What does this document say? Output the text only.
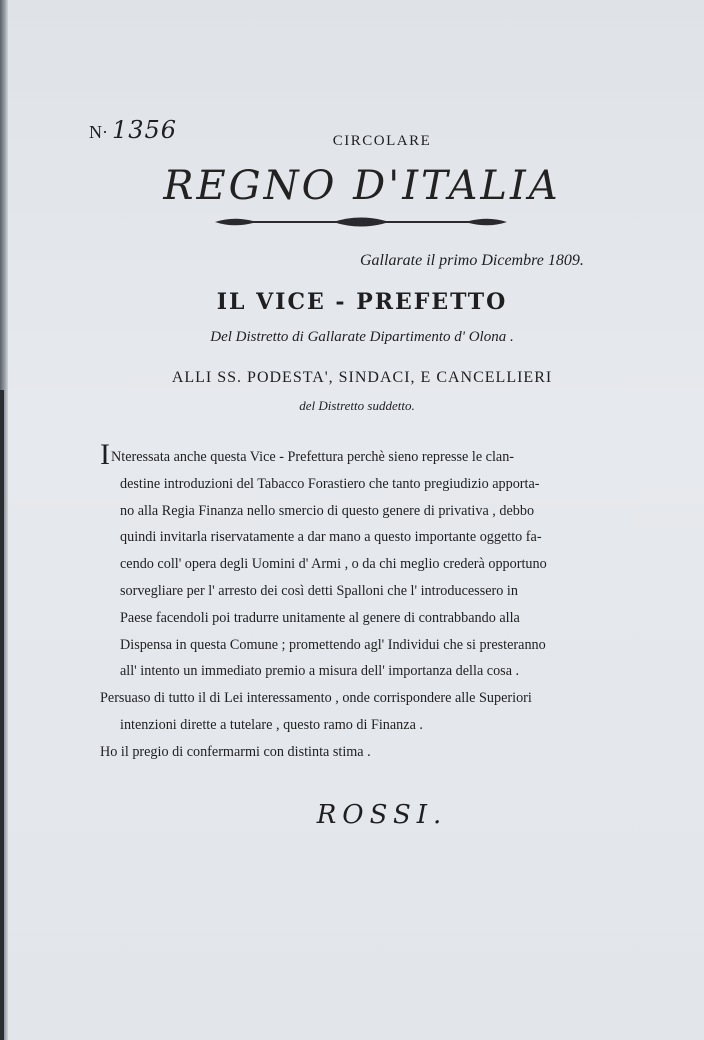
N· 1356	CIRCOLARE
REGNO D'ITALIA
Gallarate il primo Dicembre 1809.
IL VICE - PREFETTO
Del Distretto di Gallarate Dipartimento d' Olona .
ALLI SS. PODESTA', SINDACI, E CANCELLIERI
del Distretto suddetto.
INteressata anche questa Vice - Prefettura perchè sieno represse le clan-
destine introduzioni del Tabacco Forastiero che tanto pregiudizio apporta-
no alla Regia Finanza nello smercio di questo genere di privativa , debbo
quindi invitarla riservatamente a dar mano a questo importante oggetto fa-
cendo coll' opera degli Uomini d' Armi , o da chi meglio crederà opportuno
sorvegliare per l' arresto dei così detti Spalloni che l' introducessero in
Paese facendoli poi tradurre unitamente al genere di contrabbando alla
Dispensa in questa Comune ; promettendo agl' Individui che si presteranno
all' intento un immediato premio a misura dell' importanza della cosa .
Persuaso di tutto il di Lei interessamento , onde corrispondere alle Superiori
intenzioni dirette a tutelare , questo ramo di Finanza .
Ho il pregio di confermarmi con distinta stima .
ROSSI.
